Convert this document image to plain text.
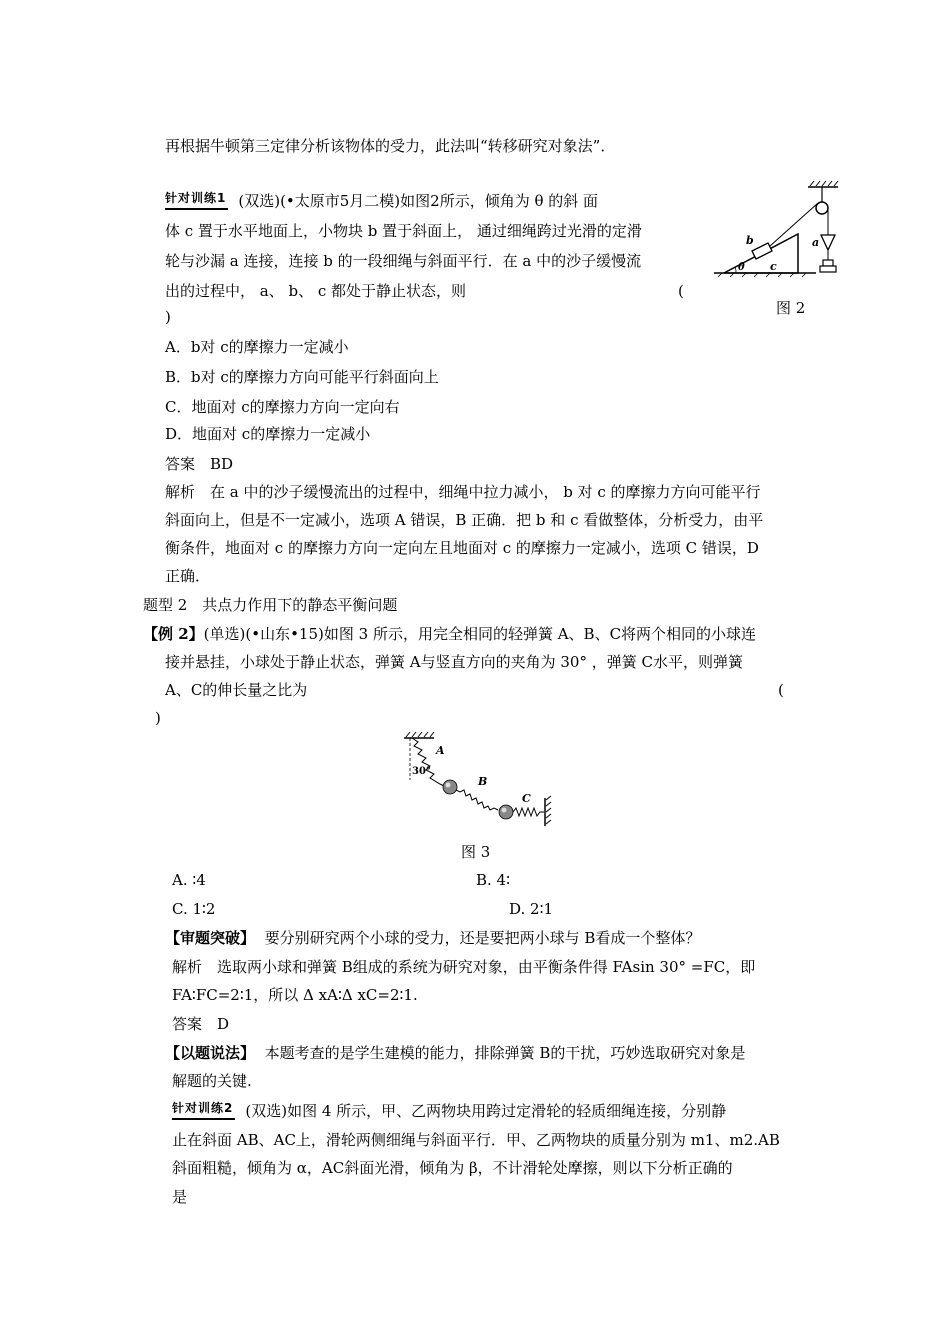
再根据牛顿第三定律分析该物体的受力，此法叫“转移研究对象法”．
针对训练1 (双选)(•太原市5月二模)如图2所示，倾角为 θ 的斜 面
体 c 置于水平地面上，小物块 b 置于斜面上， 通过细绳跨过光滑的定滑
轮与沙漏 a 连接，连接 b 的一段细绳与斜面平行．在 a 中的沙子缓慢流
出的过程中， a、 b、 c 都处于静止状态，则	(
)
b	a
c
θ
图 2
A．b对 c的摩擦力一定减小
B．b对 c的摩擦力方向可能平行斜面向上
C．地面对 c的摩擦力方向一定向右
D．地面对 c的摩擦力一定减小
答案　BD
解析　在 a 中的沙子缓慢流出的过程中，细绳中拉力减小， b 对 c 的摩擦力方向可能平行
斜面向上，但是不一定减小，选项 A 错误，B 正确．把 b 和 c 看做整体，分析受力，由平
衡条件，地面对 c 的摩擦力方向一定向左且地面对 c 的摩擦力一定减小，选项 C 错误，D
正确．
题型 2　共点力作用下的静态平衡问题
【例 2】(单选)(•山东•15)如图 3 所示，用完全相同的轻弹簧 A、B、C将两个相同的小球连
接并悬挂，小球处于静止状态，弹簧 A与竖直方向的夹角为 30° ，弹簧 C水平，则弹簧
A、C的伸长量之比为	(
)
A
30°
B
C
图 3
A. ∶4	B. 4∶
C. 1∶2	D. 2∶1
【审题突破】 要分别研究两个小球的受力，还是要把两小球与 B看成一个整体？
解析　选取两小球和弹簧 B组成的系统为研究对象，由平衡条件得 FAsin 30° =FC，即
FA∶FC=2∶1，所以 Δ xA∶Δ xC=2∶1.
答案　D
【以题说法】 本题考查的是学生建模的能力，排除弹簧 B的干扰，巧妙选取研究对象是
解题的关键.
针对训练2 (双选)如图 4 所示，甲、乙两物块用跨过定滑轮的轻质细绳连接，分别静
止在斜面 AB、AC上，滑轮两侧细绳与斜面平行．甲、乙两物块的质量分别为 m1、m2.AB
斜面粗糙，倾角为 α，AC斜面光滑，倾角为 β，不计滑轮处摩擦，则以下分析正确的
是
